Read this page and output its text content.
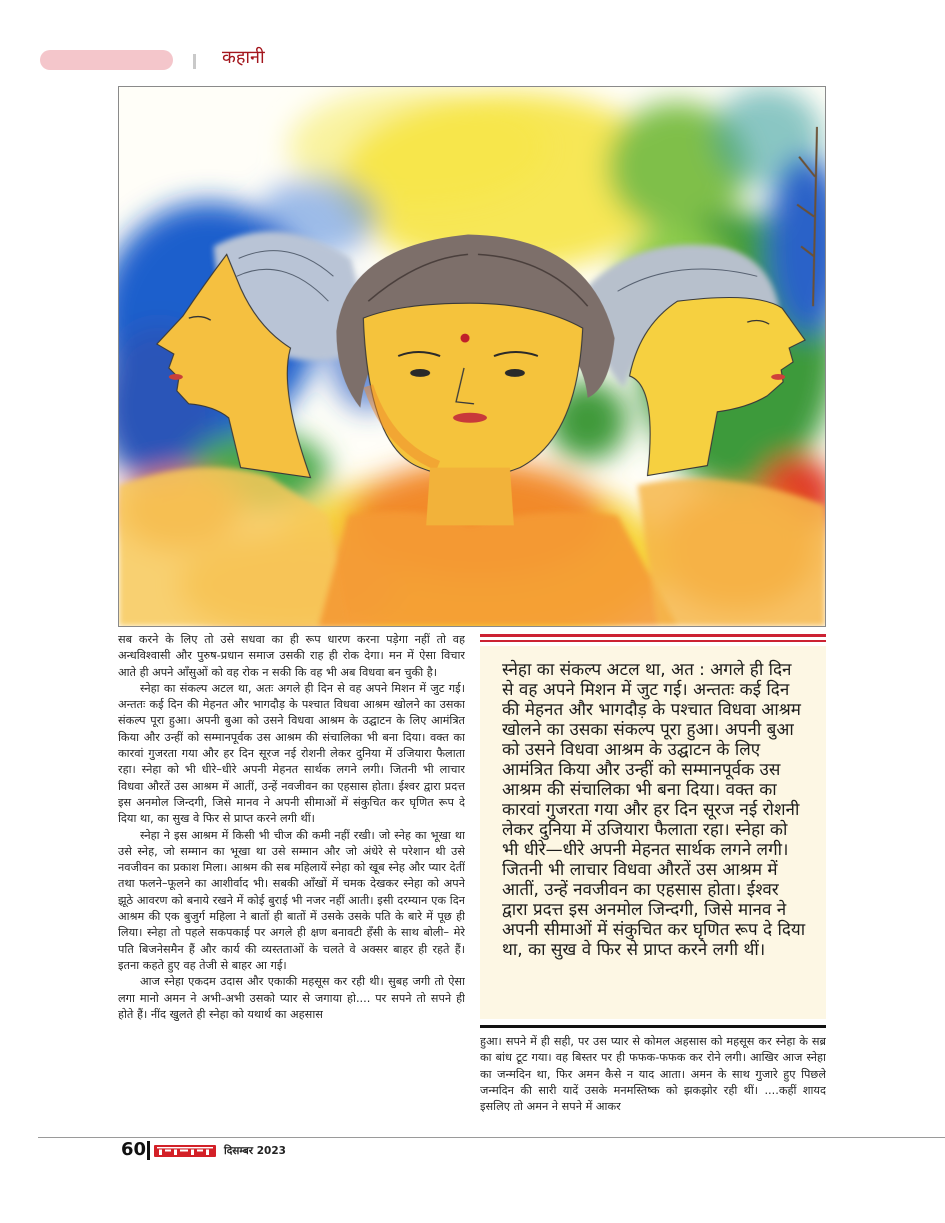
कहानी

सब करने के लिए तो उसे सधवा का ही रूप धारण करना पड़ेगा नहीं तो वह अन्धविश्वासी और पुरुष-प्रधान समाज उसकी राह ही रोक देगा। मन में ऐसा विचार आते ही अपने आँसुओं को वह रोक न सकी कि वह भी अब विधवा बन चुकी है।

स्नेहा का संकल्प अटल था, अतः अगले ही दिन से वह अपने मिशन में जुट गई। अन्ततः कई दिन की मेहनत और भागदौड़ के पश्चात विधवा आश्रम खोलने का उसका संकल्प पूरा हुआ। अपनी बुआ को उसने विधवा आश्रम के उद्घाटन के लिए आमंत्रित किया और उन्हीं को सम्मानपूर्वक उस आश्रम की संचालिका भी बना दिया। वक्त का कारवां गुजरता गया और हर दिन सूरज नई रोशनी लेकर दुनिया में उजियारा फैलाता रहा। स्नेहा को भी धीरे–धीरे अपनी मेहनत सार्थक लगने लगी। जितनी भी लाचार विधवा औरतें उस आश्रम में आतीं, उन्हें नवजीवन का एहसास होता। ईश्वर द्वारा प्रदत्त इस अनमोल जिन्दगी, जिसे मानव ने अपनी सीमाओं में संकुचित कर घृणित रूप दे दिया था, का सुख वे फिर से प्राप्त करने लगी थीं।

स्नेहा ने इस आश्रम में किसी भी चीज की कमी नहीं रखी। जो स्नेह का भूखा था उसे स्नेह, जो सम्मान का भूखा था उसे सम्मान और जो अंधेरे से परेशान थी उसे नवजीवन का प्रकाश मिला। आश्रम की सब महिलायें स्नेहा को खूब स्नेह और प्यार देतीं तथा फलने–फूलने का आशीर्वाद भी। सबकी आँखों में चमक देखकर स्नेहा को अपने झूठे आवरण को बनाये रखने में कोई बुराई भी नजर नहीं आती। इसी दरम्यान एक दिन आश्रम की एक बुजुर्ग महिला ने बातों ही बातों में उसके उसके पति के बारे में पूछ ही लिया। स्नेहा तो पहले सकपकाई पर अगले ही क्षण बनावटी हँसी के साथ बोली– मेरे पति बिजनेसमैन हैं और कार्य की व्यस्तताओं के चलते वे अक्सर बाहर ही रहते हैं। इतना कहते हुए वह तेजी से बाहर आ गई।

आज स्नेहा एकदम उदास और एकाकी महसूस कर रही थी। सुबह जगी तो ऐसा लगा मानो अमन ने अभी-अभी उसको प्यार से जगाया हो.... पर सपने तो सपने ही होते हैं। नींद खुलते ही स्नेहा को यथार्थ का अहसास

स्नेहा का संकल्प अटल था, अत : अगले ही दिन से वह अपने मिशन में जुट गई। अन्ततः कई दिन की मेहनत और भागदौड़ के पश्चात विधवा आश्रम खोलने का उसका संकल्प पूरा हुआ। अपनी बुआ को उसने विधवा आश्रम के उद्घाटन के लिए आमंत्रित किया और उन्हीं को सम्मानपूर्वक उस आश्रम की संचालिका भी बना दिया। वक्त का कारवां गुजरता गया और हर दिन सूरज नई रोशनी लेकर दुनिया में उजियारा फैलाता रहा। स्नेहा को भी धीरे—धीरे अपनी मेहनत सार्थक लगने लगी। जितनी भी लाचार विधवा औरतें उस आश्रम में आतीं, उन्हें नवजीवन का एहसास होता। ईश्वर द्वारा प्रदत्त इस अनमोल जिन्दगी, जिसे मानव ने अपनी सीमाओं में संकुचित कर घृणित रूप दे दिया था, का सुख वे फिर से प्राप्त करने लगी थीं।

हुआ। सपने में ही सही, पर उस प्यार से कोमल अहसास को महसूस कर स्नेहा के सब्र का बांध टूट गया। वह बिस्तर पर ही फफक-फफक कर रोने लगी। आखिर आज स्नेहा का जन्मदिन था, फिर अमन कैसे न याद आता। अमन के साथ गुजारे हुए पिछले जन्मदिन की सारी यादें उसके मनमस्तिष्क को झकझोर रही थीं। ....कहीं शायद इसलिए तो अमन ने सपने में आकर

60	दिसम्बर 2023
